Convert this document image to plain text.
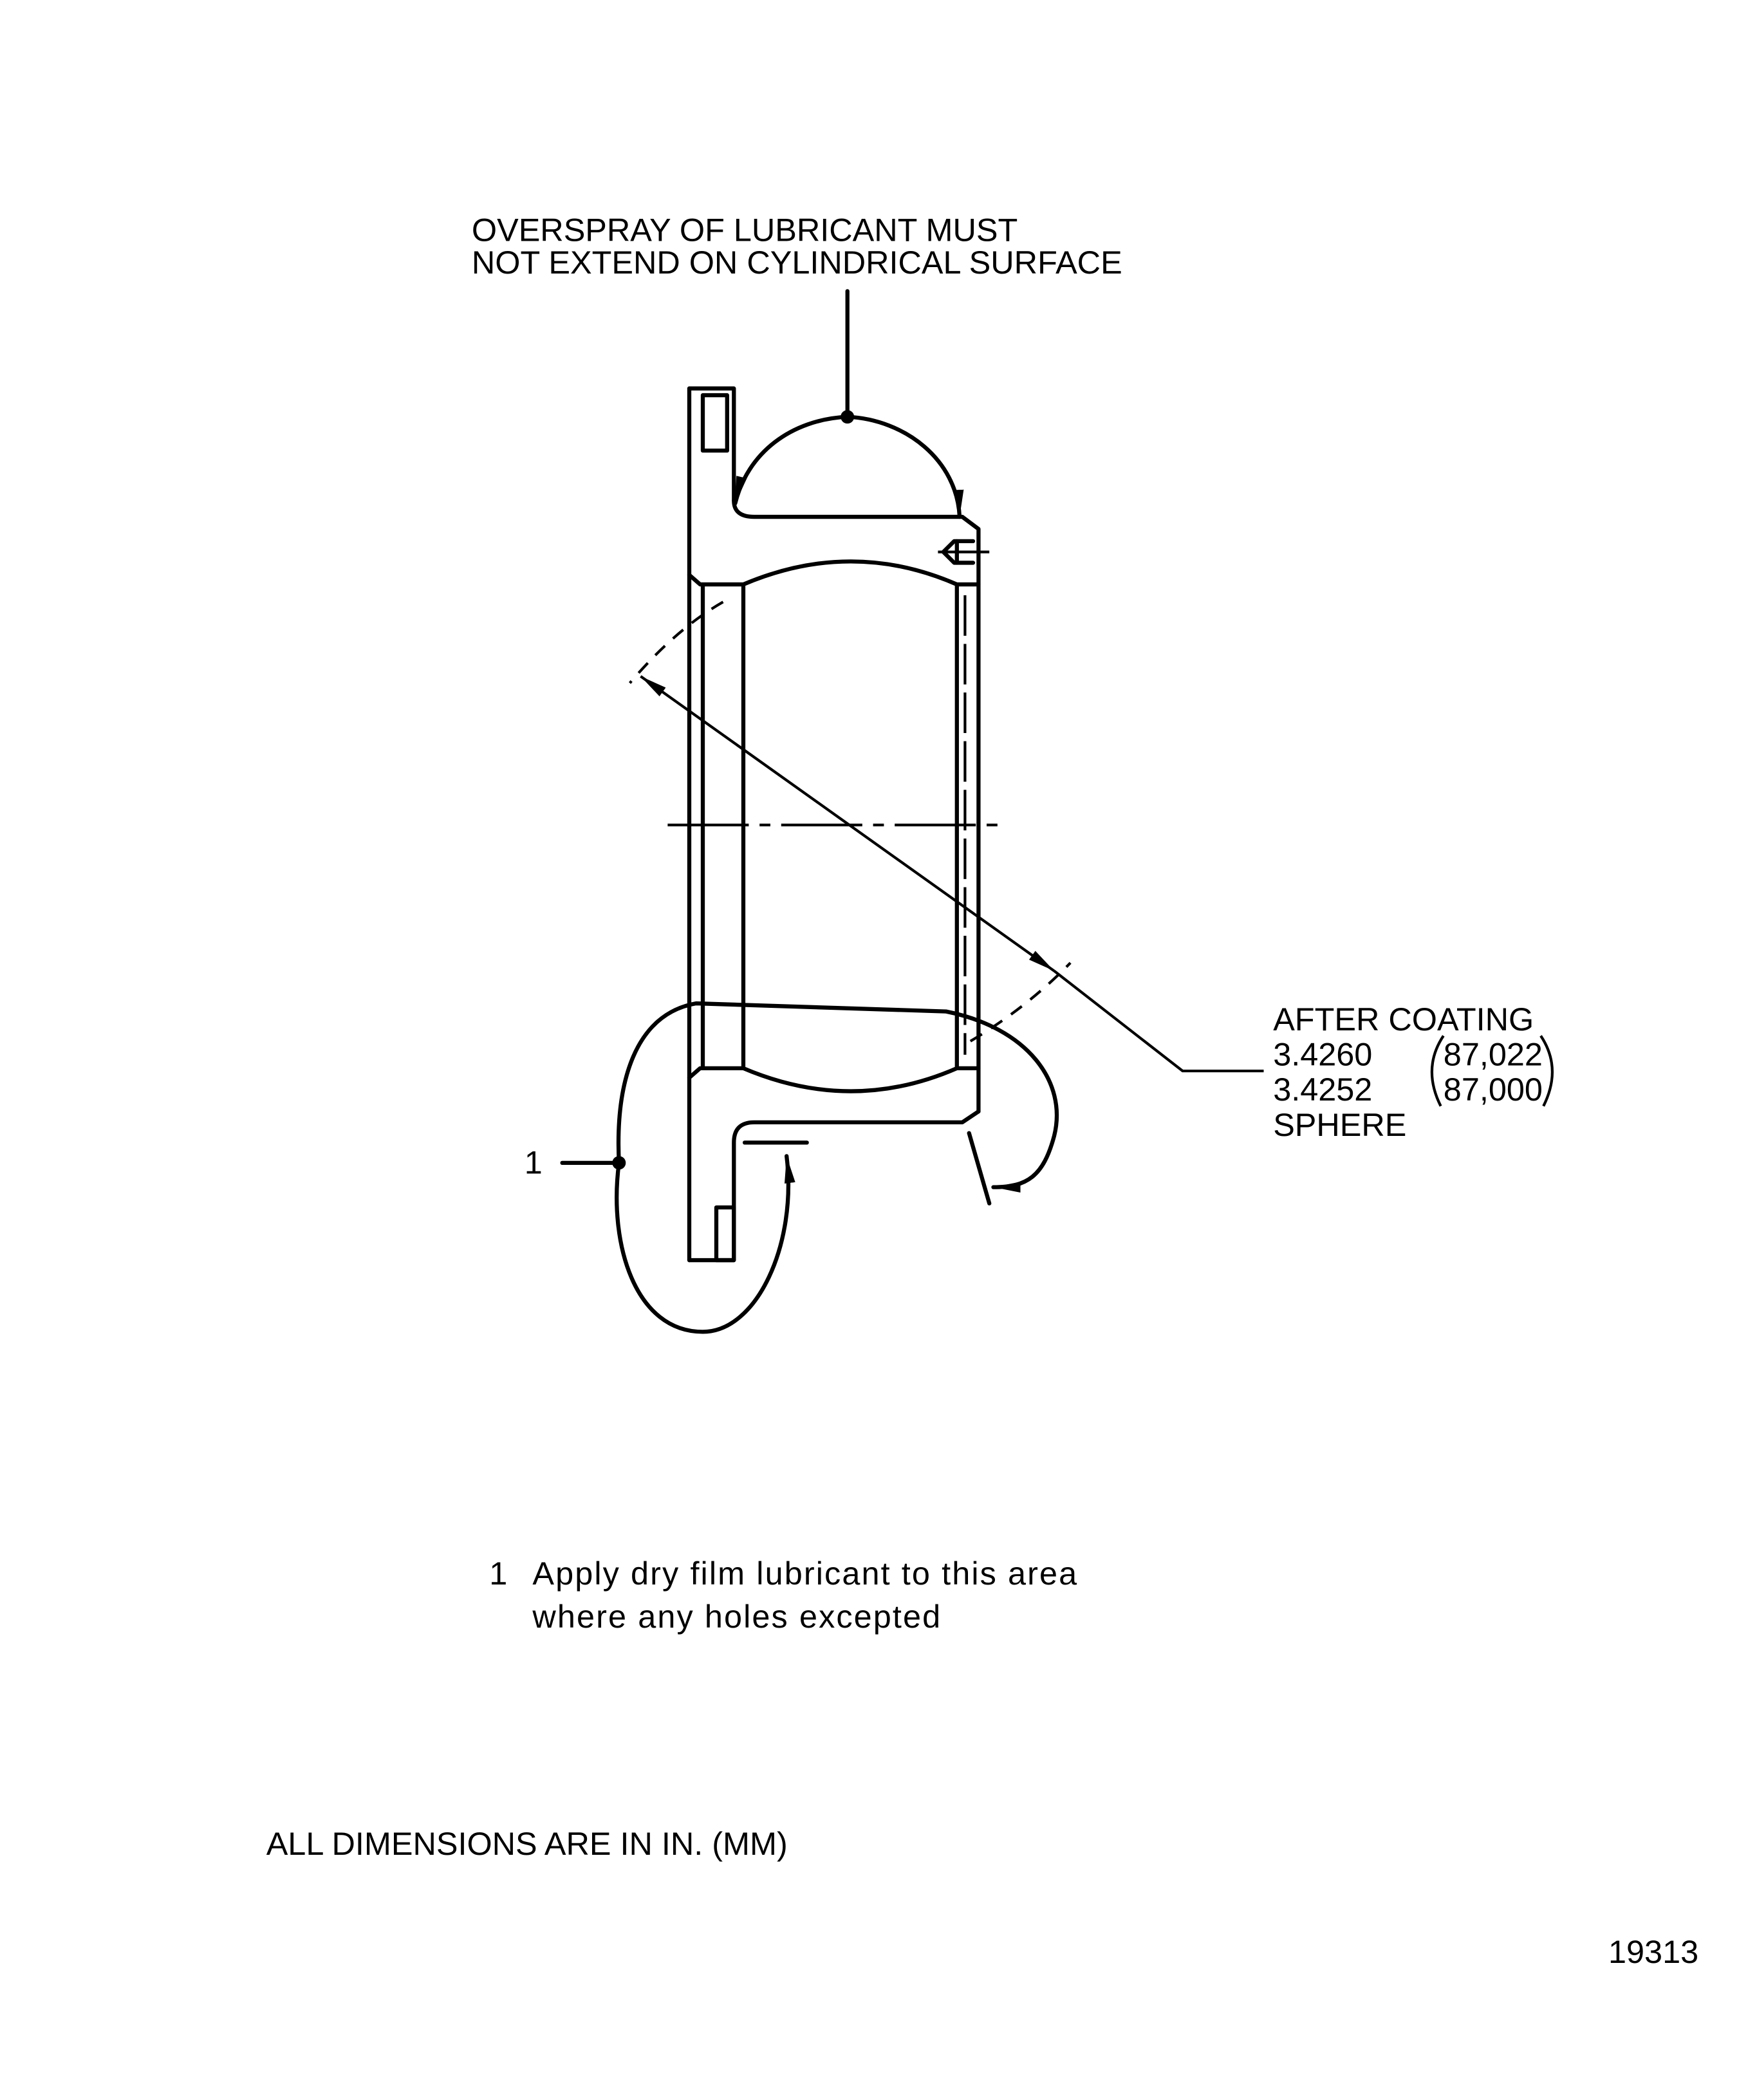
OVERSPRAY OF LUBRICANT MUST
NOT EXTEND ON CYLINDRICAL SURFACE
1
AFTER COATING
3.4260	87,022
3.4252	87,000
SPHERE
1 Apply dry film lubricant to this area
where any holes excepted
ALL DIMENSIONS ARE IN IN. (MM)
19313
